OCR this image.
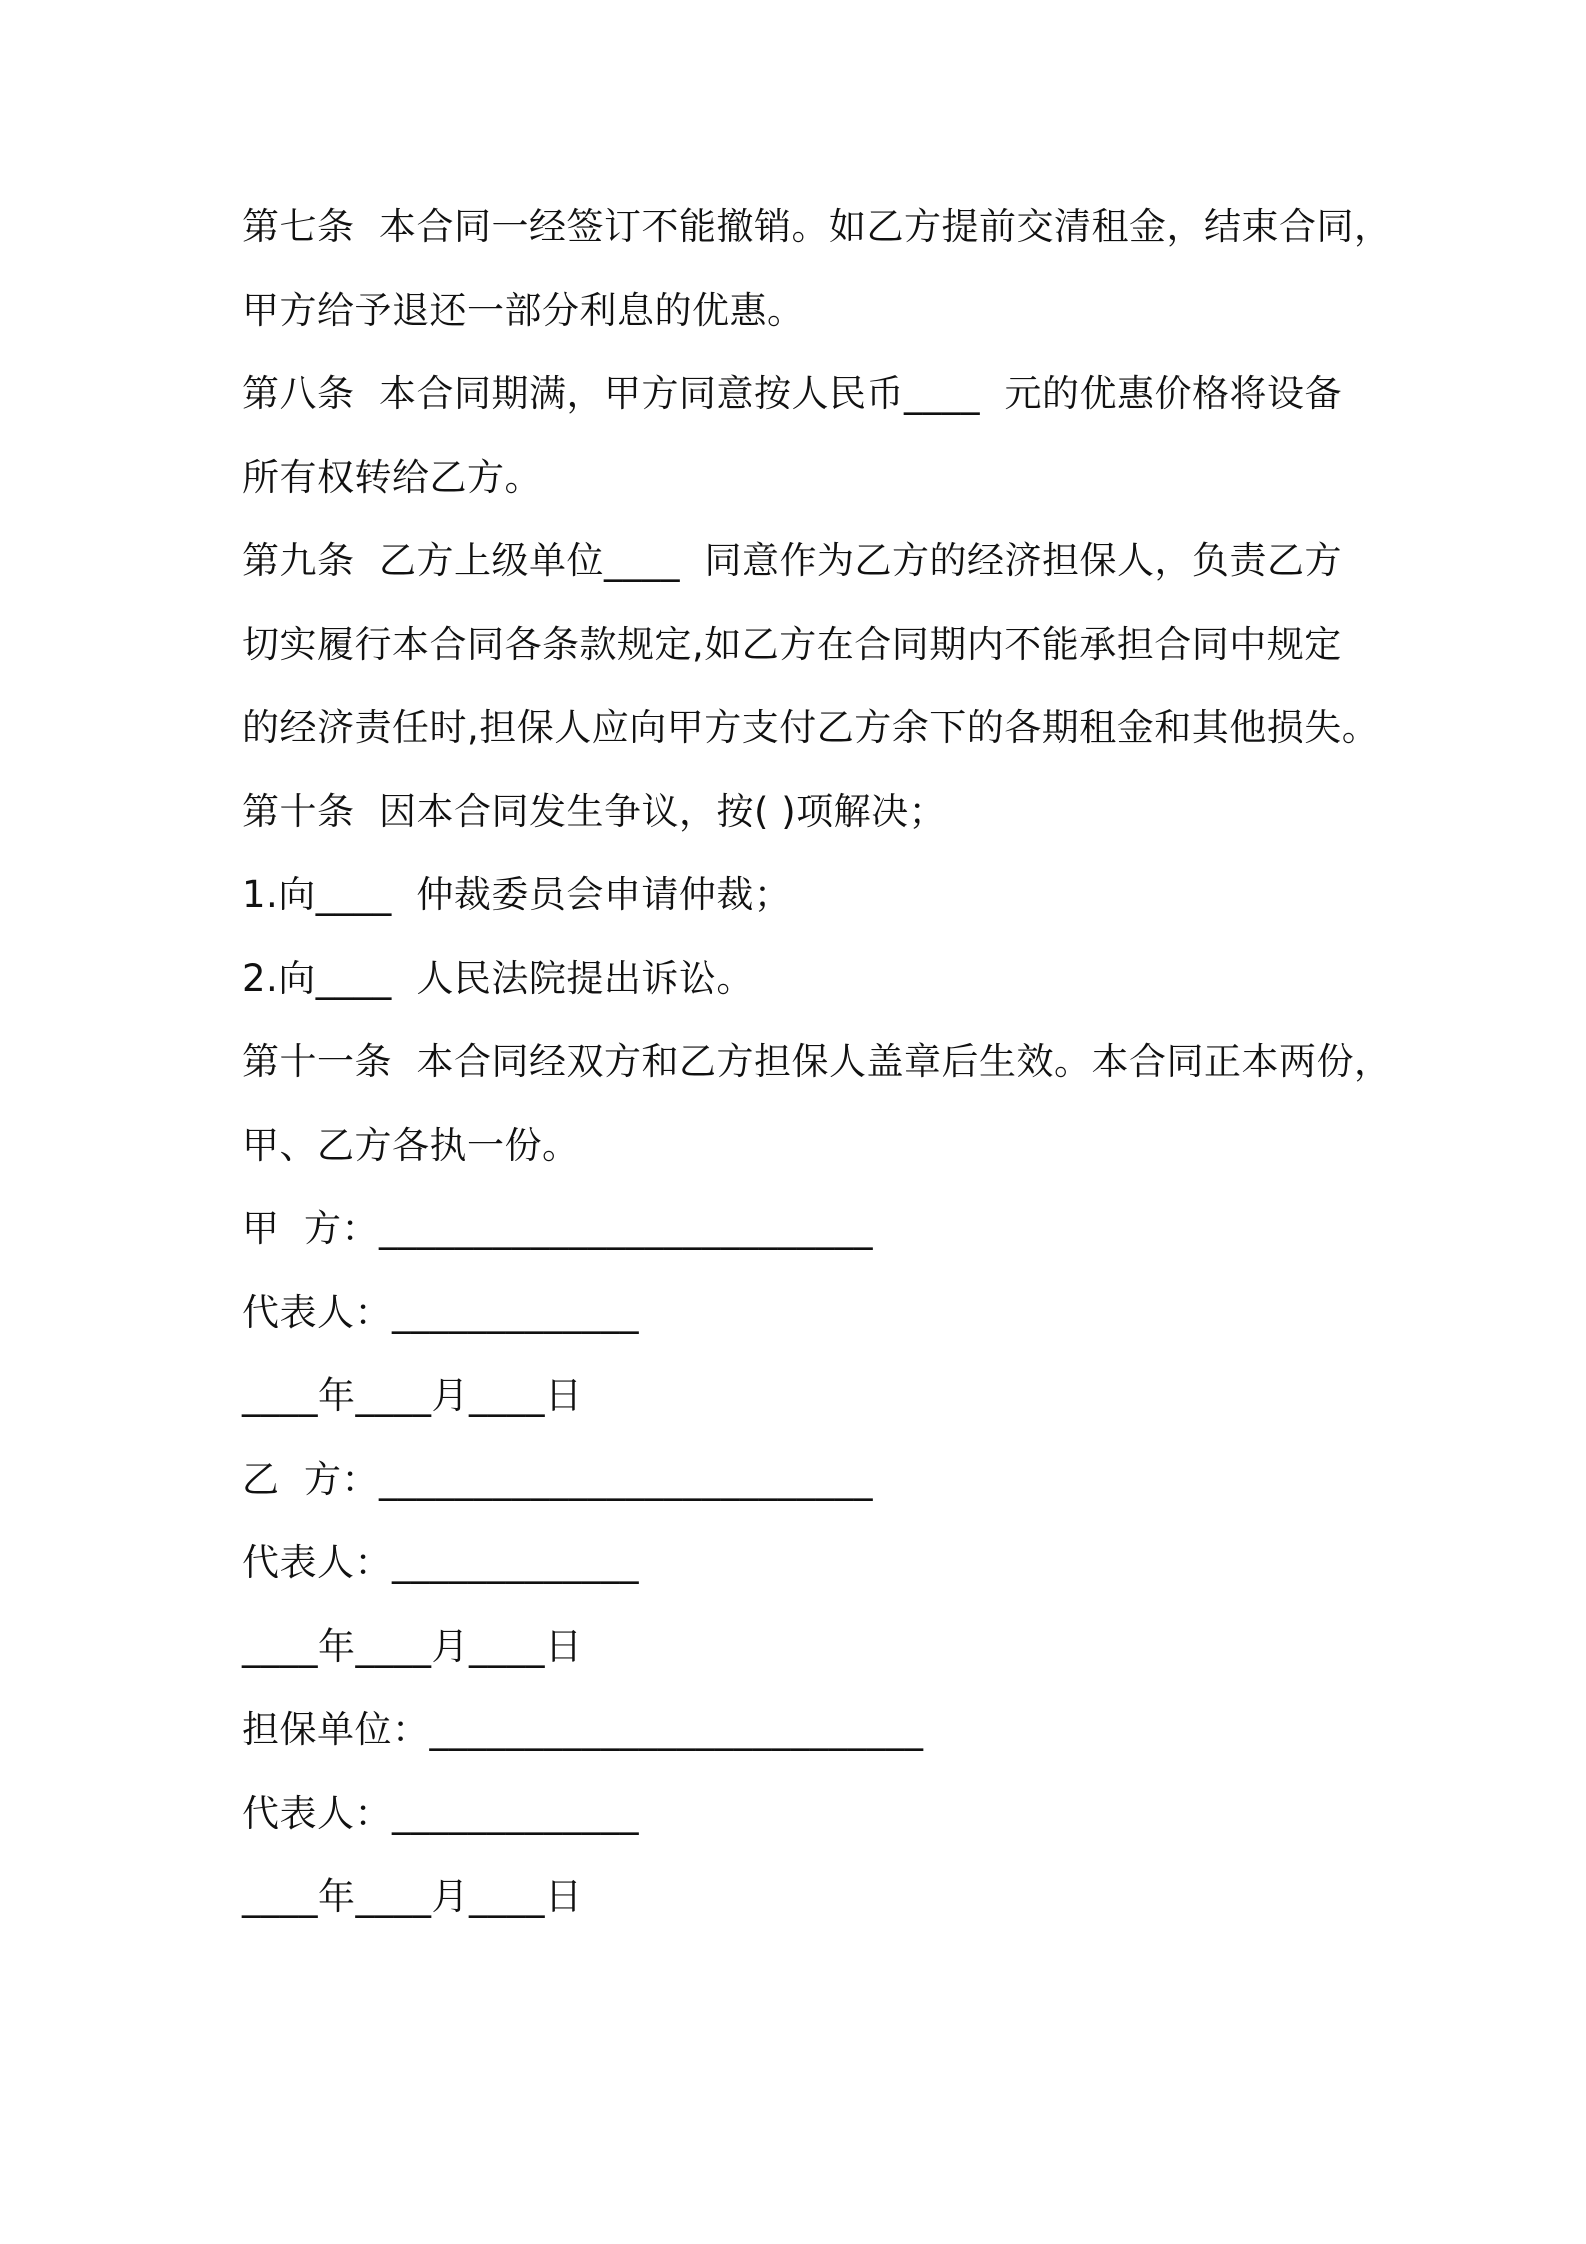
第七条  本合同一经签订不能撤销。如乙方提前交清租金，结束合同，
甲方给予退还一部分利息的优惠。
第八条  本合同期满，甲方同意按人民币____  元的优惠价格将设备
所有权转给乙方。
第九条  乙方上级单位____  同意作为乙方的经济担保人，负责乙方
切实履行本合同各条款规定,如乙方在合同期内不能承担合同中规定
的经济责任时,担保人应向甲方支付乙方余下的各期租金和其他损失。
第十条  因本合同发生争议，按( )项解决；
1.向____  仲裁委员会申请仲裁；
2.向____  人民法院提出诉讼。
第十一条  本合同经双方和乙方担保人盖章后生效。本合同正本两份，
甲、乙方各执一份。
甲  方：__________________________
代表人：_____________
____年____月____日
乙  方：__________________________
代表人：_____________
____年____月____日
担保单位：__________________________
代表人：_____________
____年____月____日
